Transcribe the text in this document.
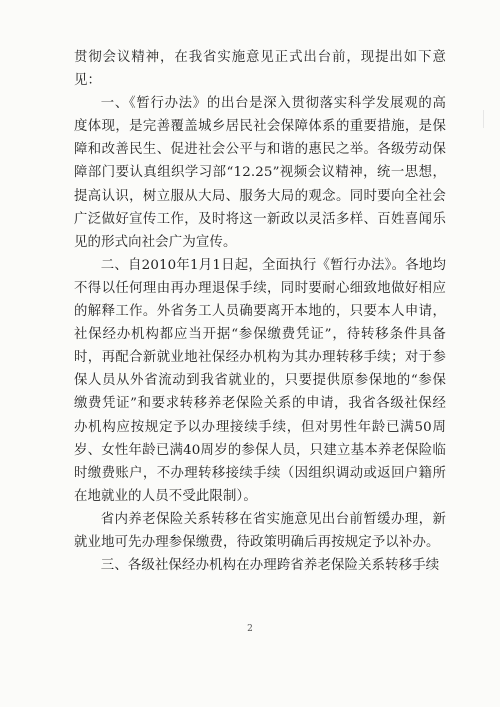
贯彻会议精神，在我省实施意见正式出台前，现提出如下意见：

一、《暂行办法》的出台是深入贯彻落实科学发展观的高度体现，是完善覆盖城乡居民社会保障体系的重要措施，是保障和改善民生、促进社会公平与和谐的惠民之举。各级劳动保障部门要认真组织学习部“12.25”视频会议精神，统一思想，提高认识，树立服从大局、服务大局的观念。同时要向全社会广泛做好宣传工作，及时将这一新政以灵活多样、百姓喜闻乐见的形式向社会广为宣传。

二、自2010年1月1日起，全面执行《暂行办法》。各地均不得以任何理由再办理退保手续，同时要耐心细致地做好相应的解释工作。外省务工人员确要离开本地的，只要本人申请，社保经办机构都应当开据“参保缴费凭证”，待转移条件具备时，再配合新就业地社保经办机构为其办理转移手续；对于参保人员从外省流动到我省就业的，只要提供原参保地的“参保缴费凭证”和要求转移养老保险关系的申请，我省各级社保经办机构应按规定予以办理接续手续，但对男性年龄已满50周岁、女性年龄已满40周岁的参保人员，只建立基本养老保险临时缴费账户，不办理转移接续手续（因组织调动或返回户籍所在地就业的人员不受此限制）。

省内养老保险关系转移在省实施意见出台前暂缓办理，新就业地可先办理参保缴费，待政策明确后再按规定予以补办。

三、各级社保经办机构在办理跨省养老保险关系转移手续

2
